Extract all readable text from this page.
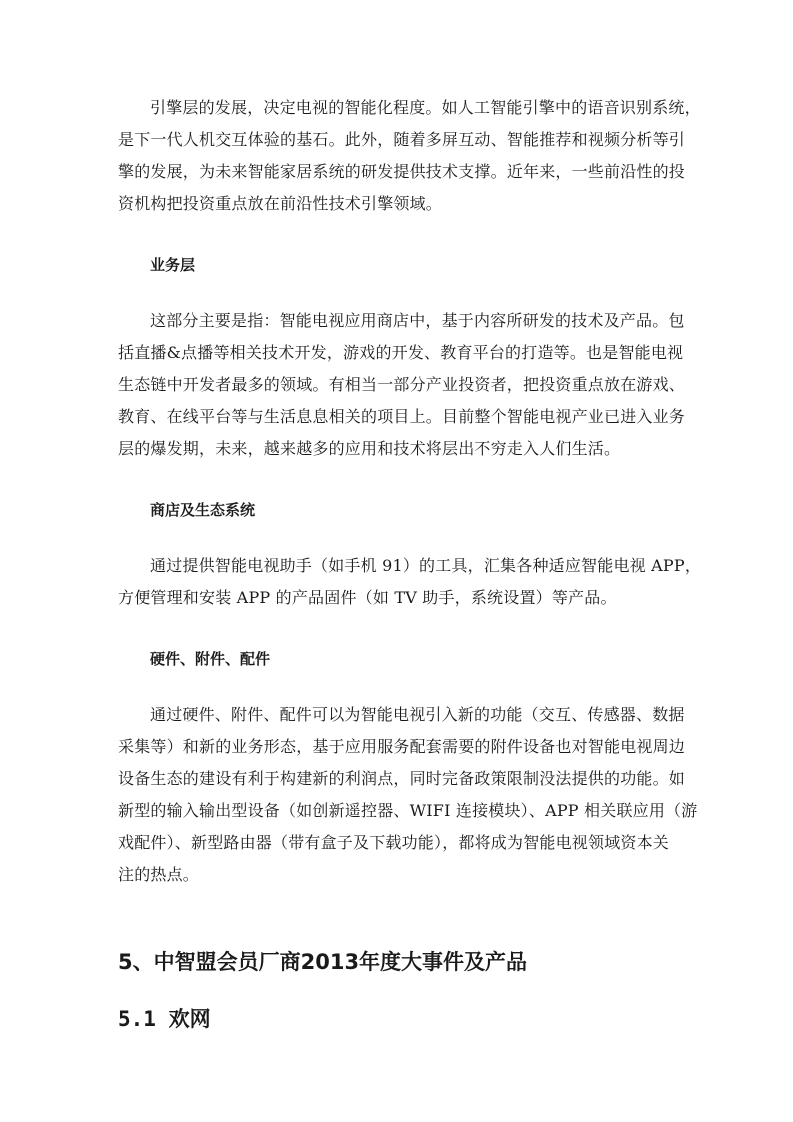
引擎层的发展，决定电视的智能化程度。如人工智能引擎中的语音识别系统，
是下一代人机交互体验的基石。此外，随着多屏互动、智能推荐和视频分析等引
擎的发展，为未来智能家居系统的研发提供技术支撑。近年来，一些前沿性的投
资机构把投资重点放在前沿性技术引擎领域。

业务层

这部分主要是指：智能电视应用商店中，基于内容所研发的技术及产品。包
括直播&点播等相关技术开发，游戏的开发、教育平台的打造等。也是智能电视
生态链中开发者最多的领域。有相当一部分产业投资者，把投资重点放在游戏、
教育、在线平台等与生活息息相关的项目上。目前整个智能电视产业已进入业务
层的爆发期，未来，越来越多的应用和技术将层出不穷走入人们生活。

商店及生态系统

通过提供智能电视助手（如手机 91）的工具，汇集各种适应智能电视 APP，
方便管理和安装 APP 的产品固件（如 TV 助手，系统设置）等产品。

硬件、附件、配件

通过硬件、附件、配件可以为智能电视引入新的功能（交互、传感器、数据
采集等）和新的业务形态，基于应用服务配套需要的附件设备也对智能电视周边
设备生态的建设有利于构建新的利润点，同时完备政策限制没法提供的功能。如
新型的输入输出型设备（如创新遥控器、WIFI 连接模块）、APP 相关联应用（游
戏配件）、新型路由器（带有盒子及下载功能），都将成为智能电视领域资本关
注的热点。

5、中智盟会员厂商2013年度大事件及产品
5.1 欢网
